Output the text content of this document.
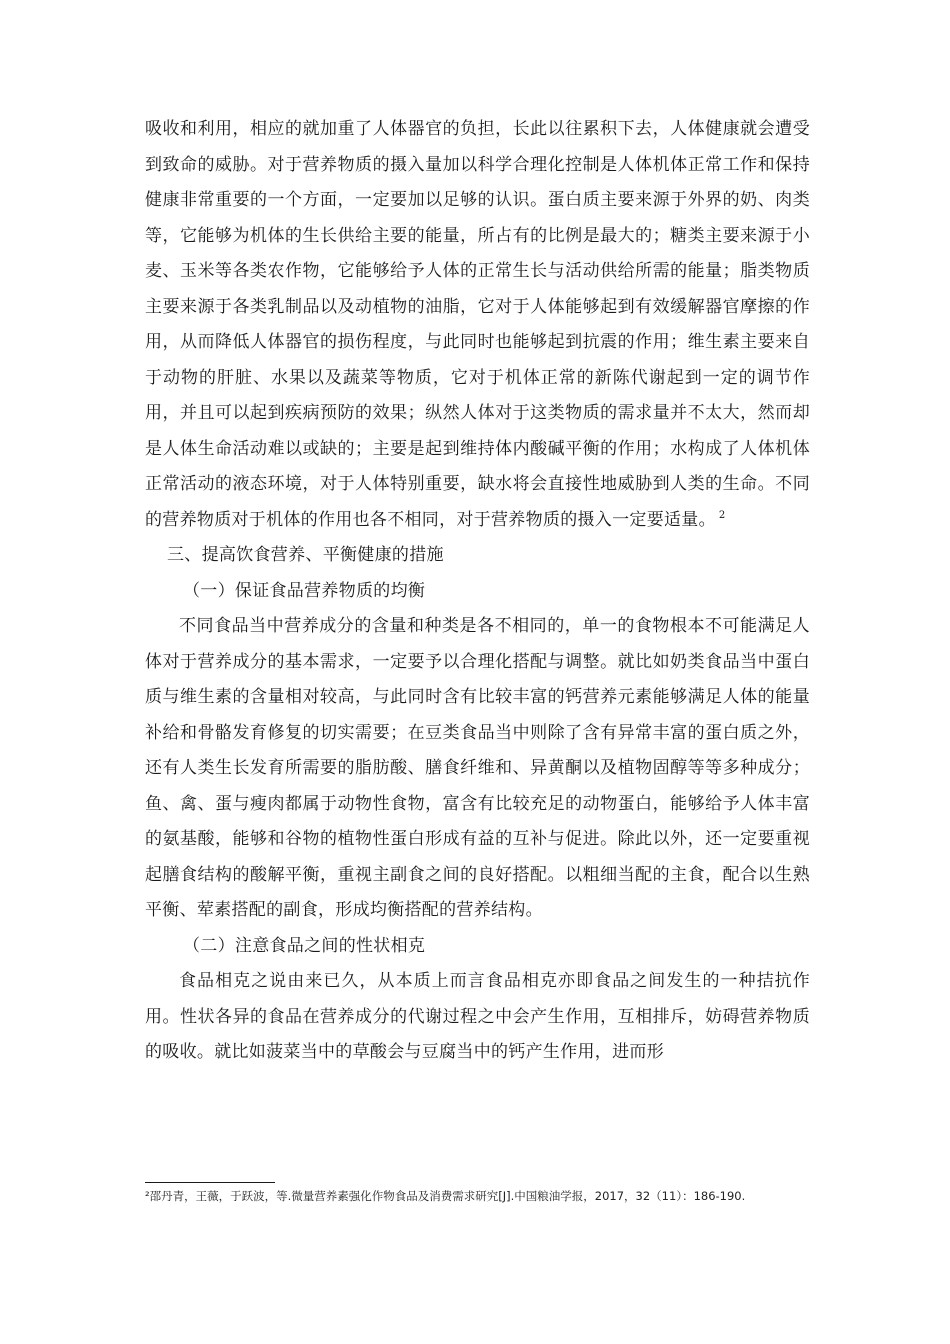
吸收和利用，相应的就加重了人体器官的负担，长此以往累积下去，人体健康就会遭受到致命的威胁。对于营养物质的摄入量加以科学合理化控制是人体机体正常工作和保持健康非常重要的一个方面，一定要加以足够的认识。蛋白质主要来源于外界的奶、肉类等，它能够为机体的生长供给主要的能量，所占有的比例是最大的；糖类主要来源于小麦、玉米等各类农作物，它能够给予人体的正常生长与活动供给所需的能量；脂类物质主要来源于各类乳制品以及动植物的油脂，它对于人体能够起到有效缓解器官摩擦的作用，从而降低人体器官的损伤程度，与此同时也能够起到抗震的作用；维生素主要来自于动物的肝脏、水果以及蔬菜等物质，它对于机体正常的新陈代谢起到一定的调节作用，并且可以起到疾病预防的效果；纵然人体对于这类物质的需求量并不太大，然而却是人体生命活动难以或缺的；主要是起到维持体内酸碱平衡的作用；水构成了人体机体正常活动的液态环境，对于人体特别重要，缺水将会直接性地威胁到人类的生命。不同的营养物质对于机体的作用也各不相同，对于营养物质的摄入一定要适量。 $^2$

三、提高饮食营养、平衡健康的措施

（一）保证食品营养物质的均衡

不同食品当中营养成分的含量和种类是各不相同的，单一的食物根本不可能满足人体对于营养成分的基本需求，一定要予以合理化搭配与调整。就比如奶类食品当中蛋白质与维生素的含量相对较高，与此同时含有比较丰富的钙营养元素能够满足人体的能量补给和骨骼发育修复的切实需要；在豆类食品当中则除了含有异常丰富的蛋白质之外，还有人类生长发育所需要的脂肪酸、膳食纤维和、异黄酮以及植物固醇等等多种成分；鱼、禽、蛋与瘦肉都属于动物性食物，富含有比较充足的动物蛋白，能够给予人体丰富的氨基酸，能够和谷物的植物性蛋白形成有益的互补与促进。除此以外，还一定要重视起膳食结构的酸解平衡，重视主副食之间的良好搭配。以粗细当配的主食，配合以生熟平衡、荤素搭配的副食，形成均衡搭配的营养结构。

（二）注意食品之间的性状相克

食品相克之说由来已久，从本质上而言食品相克亦即食品之间发生的一种拮抗作用。性状各异的食品在营养成分的代谢过程之中会产生作用，互相排斥，妨碍营养物质的吸收。就比如菠菜当中的草酸会与豆腐当中的钙产生作用，进而形

²邵丹青，王薇，于跃波，等.微量营养素强化作物食品及消费需求研究[J].中国粮油学报，2017，32（11）：186-190.
